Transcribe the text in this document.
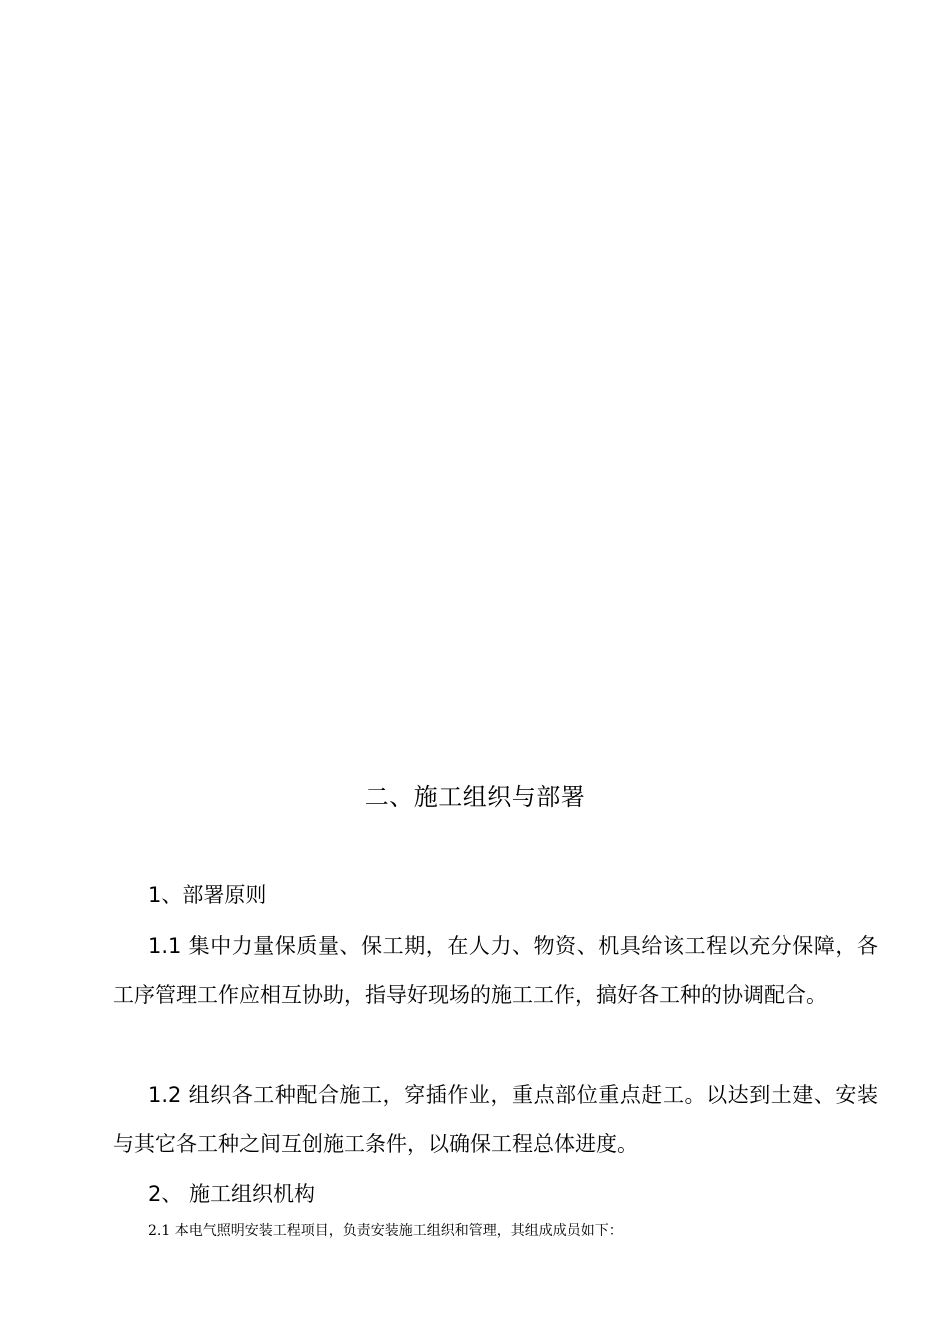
二、施工组织与部署
1、部署原则

1.1 集中力量保质量、保工期，在人力、物资、机具给该工程以充分保障，各工序管理工作应相互协助，指导好现场的施工工作，搞好各工种的协调配合。

1.2 组织各工种配合施工，穿插作业，重点部位重点赶工。以达到土建、安装与其它各工种之间互创施工条件，以确保工程总体进度。

2、 施工组织机构
2.1 本电气照明安装工程项目，负责安装施工组织和管理，其组成成员如下：
